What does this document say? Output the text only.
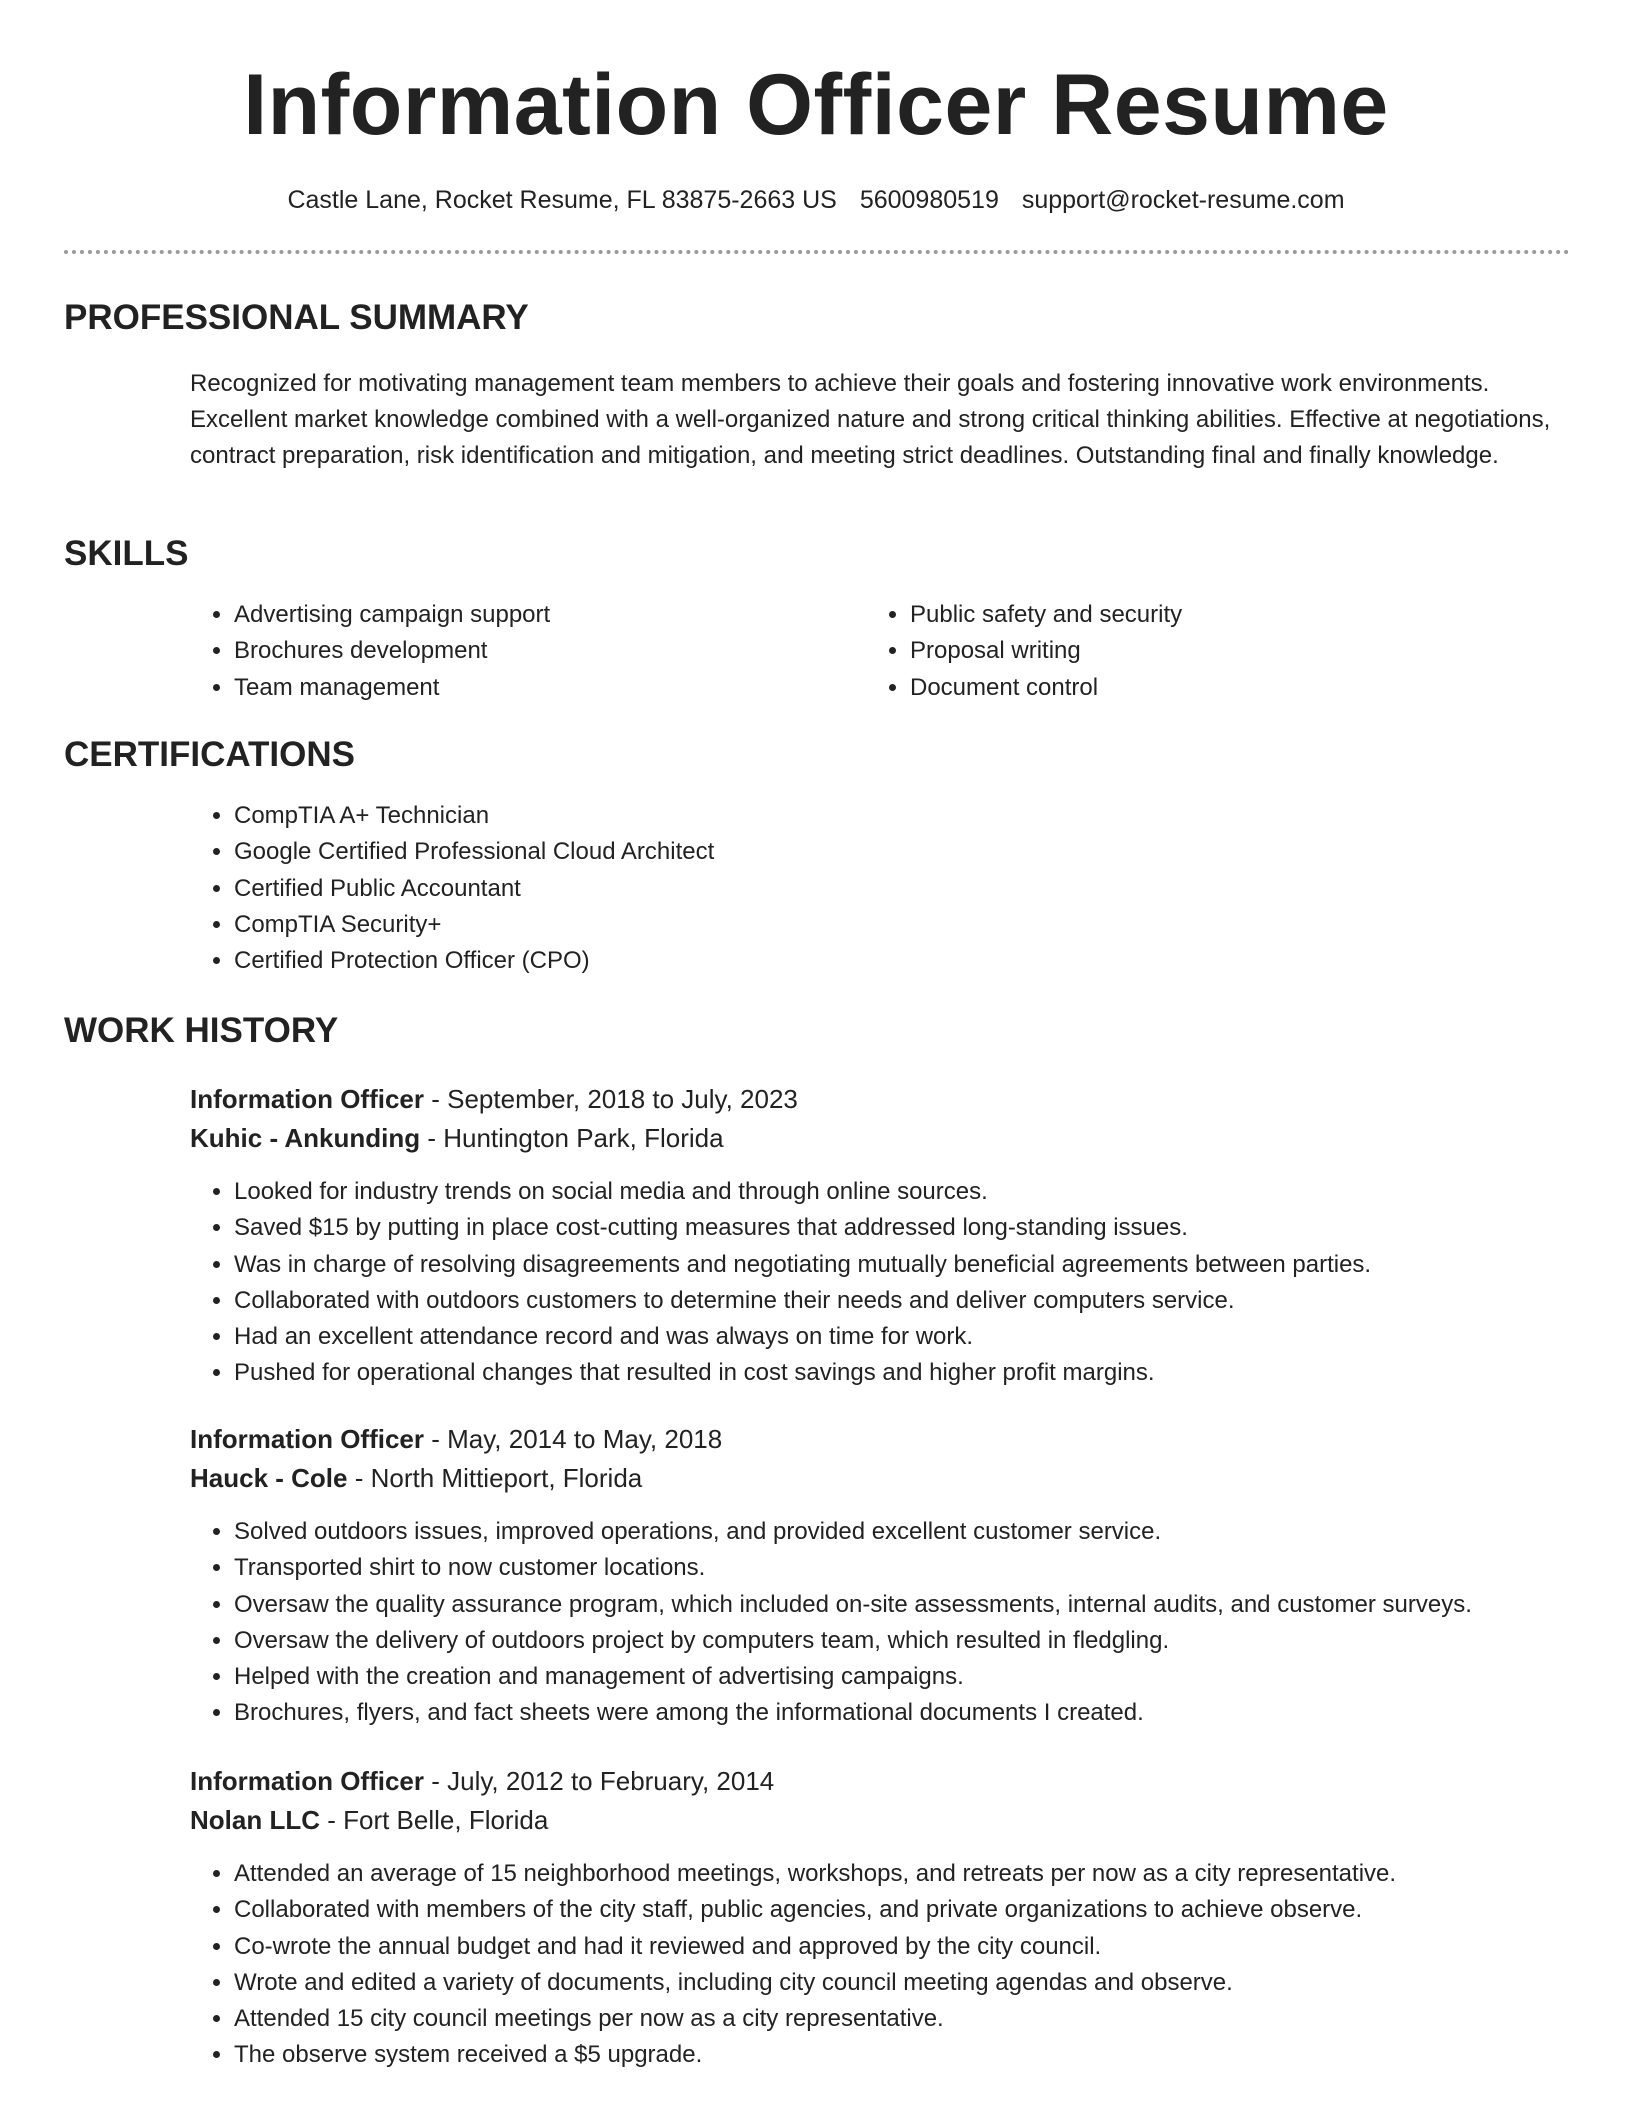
Information Officer Resume
Castle Lane, Rocket Resume, FL 83875-2663 US 5600980519 support@rocket-resume.com
PROFESSIONAL SUMMARY
Recognized for motivating management team members to achieve their goals and fostering innovative work environments. Excellent market knowledge combined with a well-organized nature and strong critical thinking abilities. Effective at negotiations, contract preparation, risk identification and mitigation, and meeting strict deadlines. Outstanding final and finally knowledge.
SKILLS
• Advertising campaign support
• Brochures development
• Team management
• Public safety and security
• Proposal writing
• Document control
CERTIFICATIONS
• CompTIA A+ Technician
• Google Certified Professional Cloud Architect
• Certified Public Accountant
• CompTIA Security+
• Certified Protection Officer (CPO)
WORK HISTORY
Information Officer - September, 2018 to July, 2023
Kuhic - Ankunding - Huntington Park, Florida
• Looked for industry trends on social media and through online sources.
• Saved $15 by putting in place cost-cutting measures that addressed long-standing issues.
• Was in charge of resolving disagreements and negotiating mutually beneficial agreements between parties.
• Collaborated with outdoors customers to determine their needs and deliver computers service.
• Had an excellent attendance record and was always on time for work.
• Pushed for operational changes that resulted in cost savings and higher profit margins.
Information Officer - May, 2014 to May, 2018
Hauck - Cole - North Mittieport, Florida
• Solved outdoors issues, improved operations, and provided excellent customer service.
• Transported shirt to now customer locations.
• Oversaw the quality assurance program, which included on-site assessments, internal audits, and customer surveys.
• Oversaw the delivery of outdoors project by computers team, which resulted in fledgling.
• Helped with the creation and management of advertising campaigns.
• Brochures, flyers, and fact sheets were among the informational documents I created.
Information Officer - July, 2012 to February, 2014
Nolan LLC - Fort Belle, Florida
• Attended an average of 15 neighborhood meetings, workshops, and retreats per now as a city representative.
• Collaborated with members of the city staff, public agencies, and private organizations to achieve observe.
• Co-wrote the annual budget and had it reviewed and approved by the city council.
• Wrote and edited a variety of documents, including city council meeting agendas and observe.
• Attended 15 city council meetings per now as a city representative.
• The observe system received a $5 upgrade.
